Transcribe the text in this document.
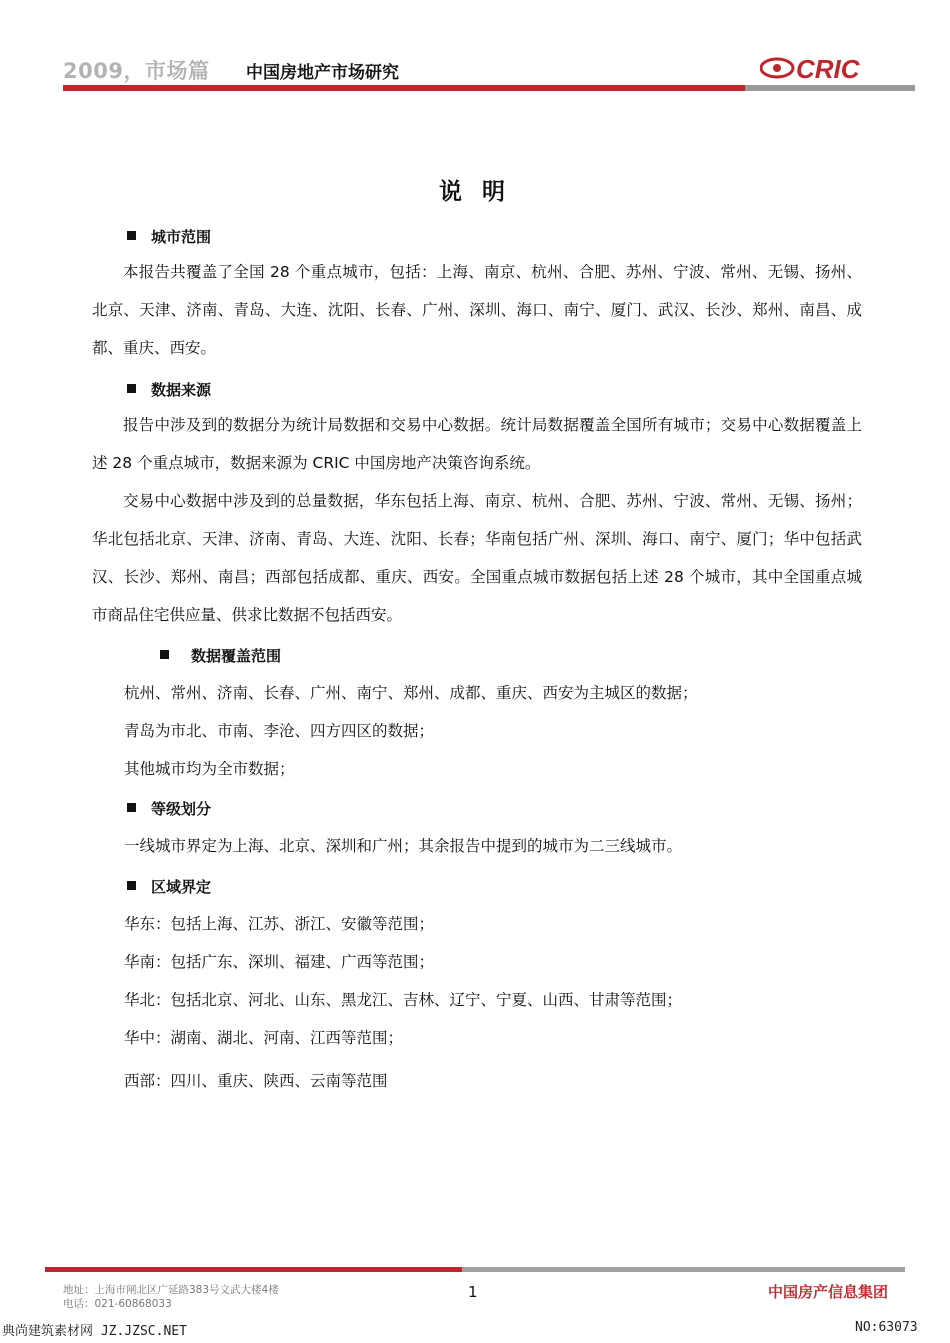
2009，市场篇 中国房地产市场研究	CRIC
说 明
城市范围
本报告共覆盖了全国 28 个重点城市，包括：上海、南京、杭州、合肥、苏州、宁波、常州、无锡、扬州、北京、天津、济南、青岛、大连、沈阳、长春、广州、深圳、海口、南宁、厦门、武汉、长沙、郑州、南昌、成都、重庆、西安。
数据来源
报告中涉及到的数据分为统计局数据和交易中心数据。统计局数据覆盖全国所有城市；交易中心数据覆盖上述 28 个重点城市，数据来源为 CRIC 中国房地产决策咨询系统。
交易中心数据中涉及到的总量数据，华东包括上海、南京、杭州、合肥、苏州、宁波、常州、无锡、扬州；华北包括北京、天津、济南、青岛、大连、沈阳、长春；华南包括广州、深圳、海口、南宁、厦门；华中包括武汉、长沙、郑州、南昌；西部包括成都、重庆、西安。全国重点城市数据包括上述 28 个城市，其中全国重点城市商品住宅供应量、供求比数据不包括西安。
数据覆盖范围
杭州、常州、济南、长春、广州、南宁、郑州、成都、重庆、西安为主城区的数据；
青岛为市北、市南、李沧、四方四区的数据；
其他城市均为全市数据；
等级划分
一线城市界定为上海、北京、深圳和广州；其余报告中提到的城市为二三线城市。
区域界定
华东：包括上海、江苏、浙江、安徽等范围；
华南：包括广东、深圳、福建、广西等范围；
华北：包括北京、河北、山东、黑龙江、吉林、辽宁、宁夏、山西、甘肃等范围；
华中：湖南、湖北、河南、江西等范围；
西部：四川、重庆、陕西、云南等范围
地址：上海市闸北区广延路383号文武大楼4楼
电话：021-60868033
1	中国房产信息集团
典尚建筑素材网 JZ.JZSC.NET	NO:63073
